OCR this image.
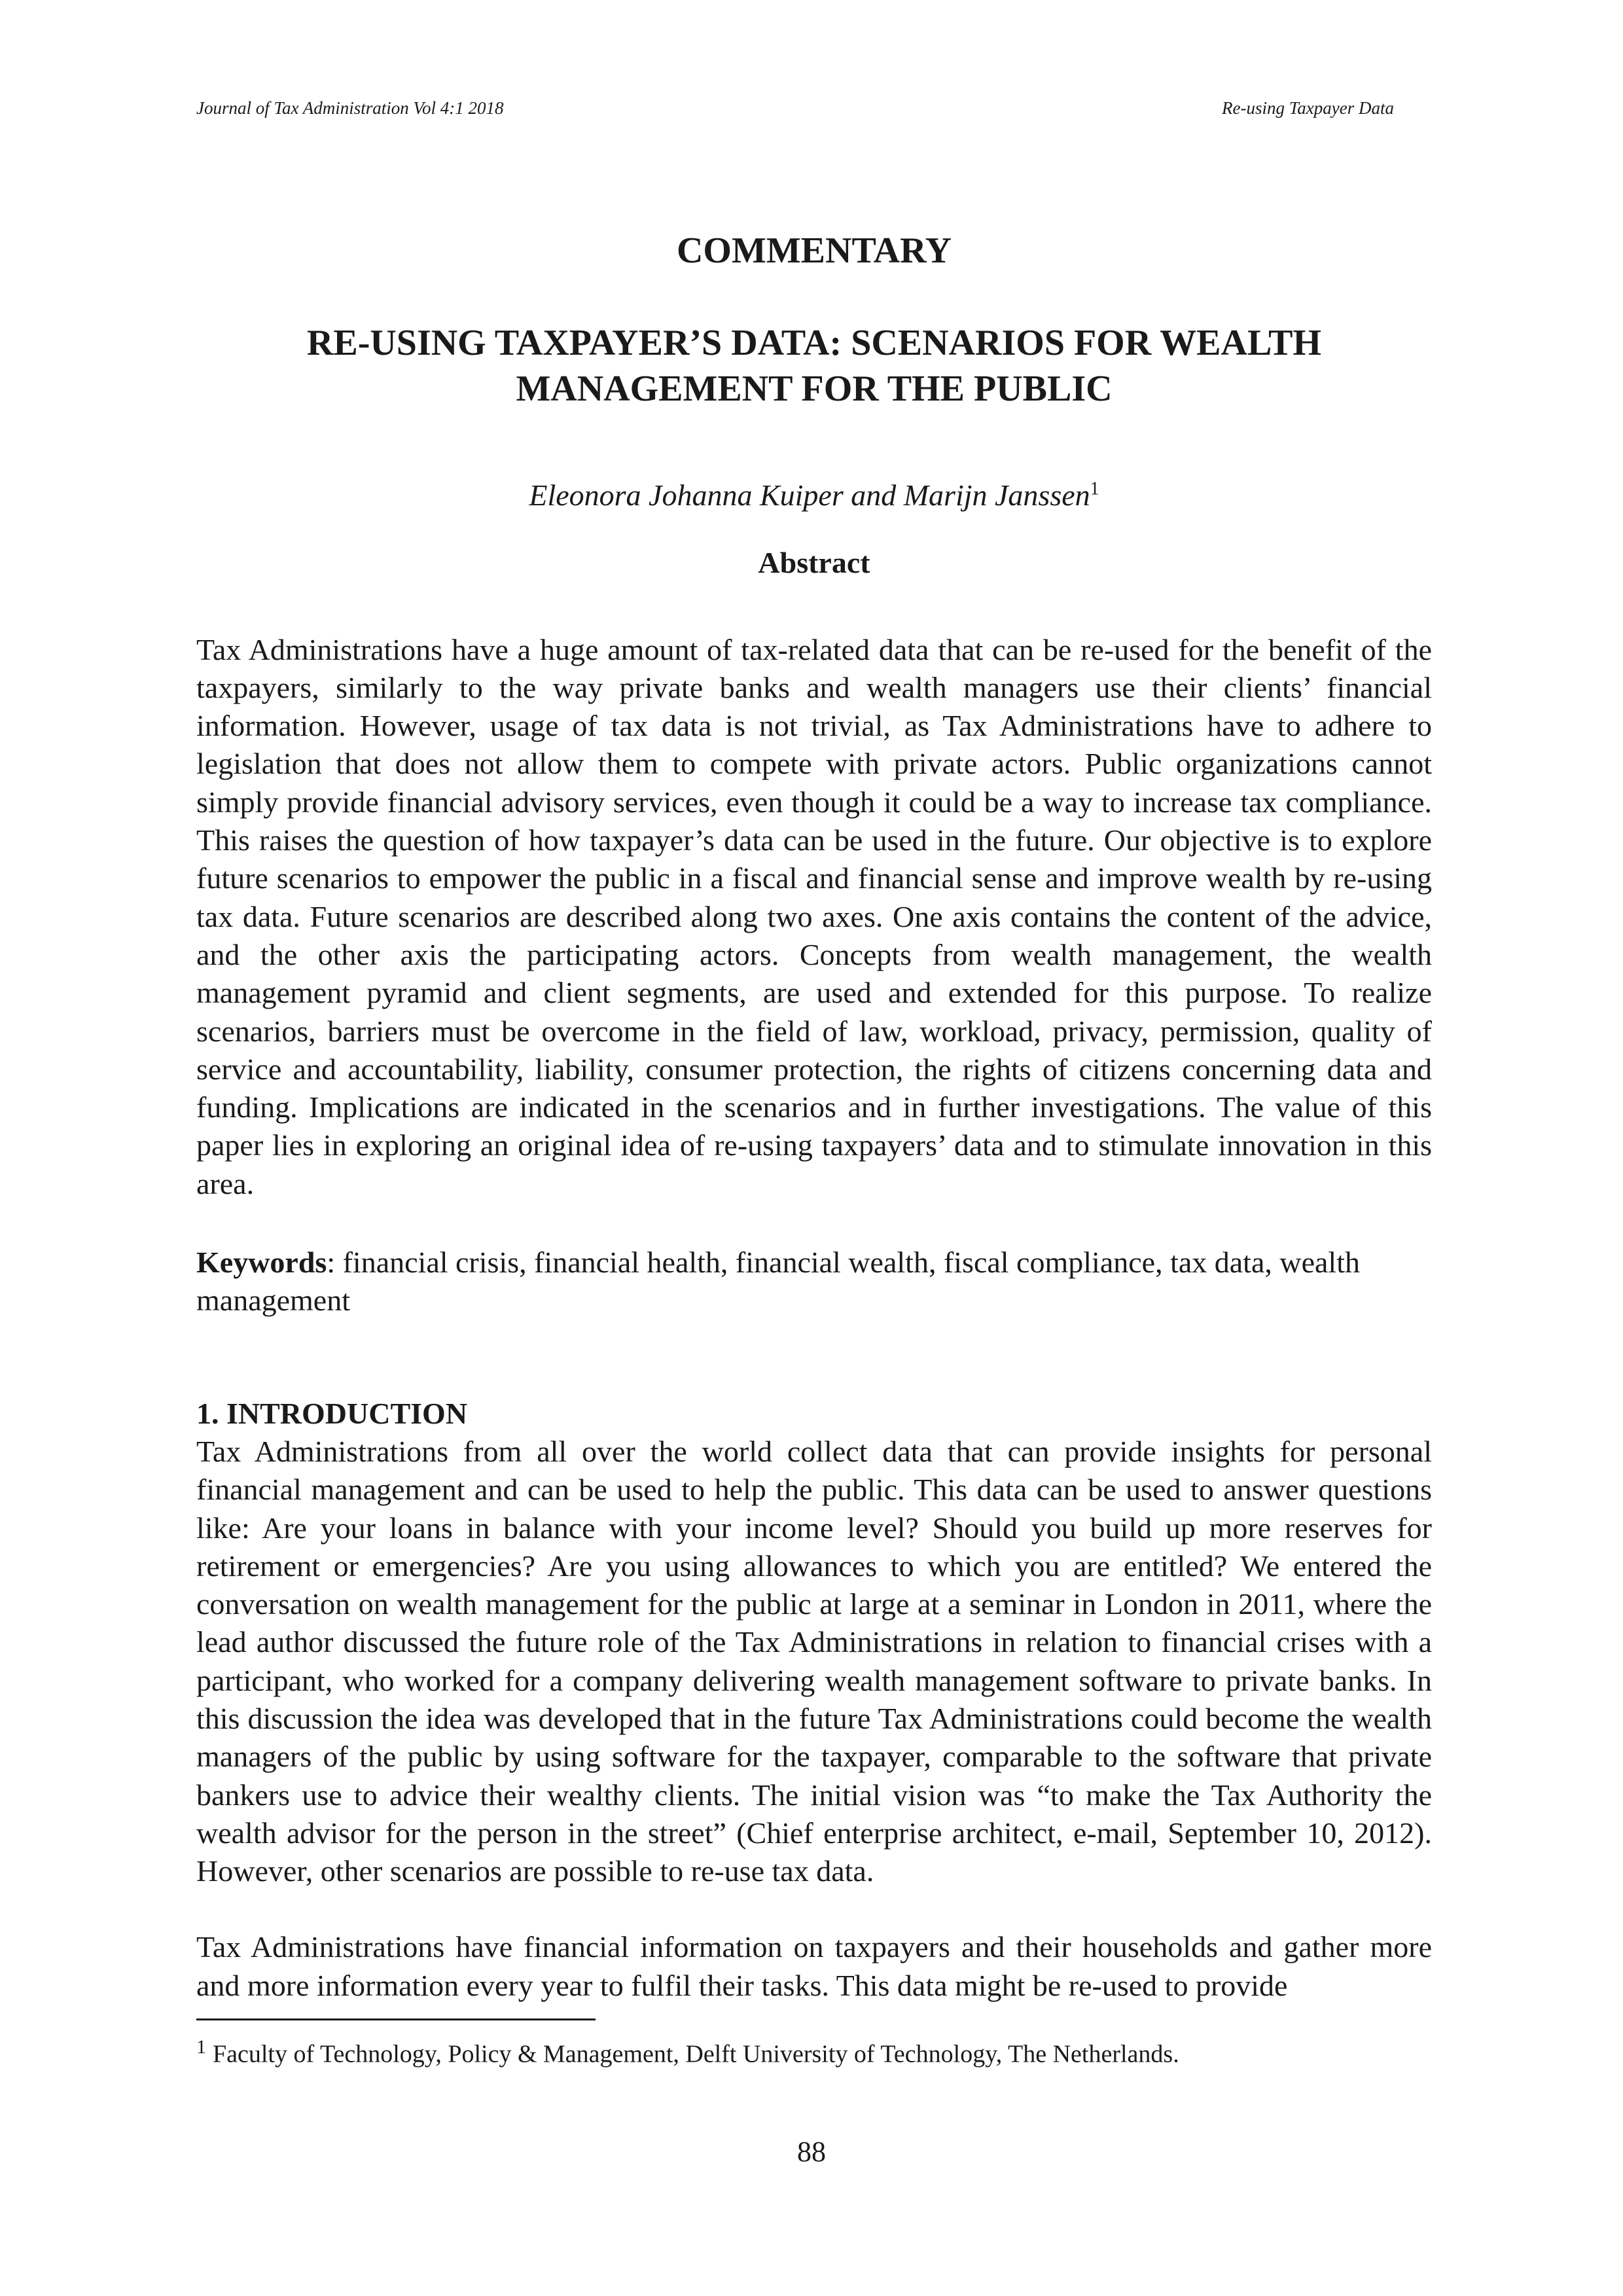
Journal of Tax Administration Vol 4:1 2018	Re-using Taxpayer Data
COMMENTARY
RE-USING TAXPAYER’S DATA: SCENARIOS FOR WEALTH MANAGEMENT FOR THE PUBLIC
Eleonora Johanna Kuiper and Marijn Janssen$^1$
Abstract

Tax Administrations have a huge amount of tax-related data that can be re-used for the benefit of the taxpayers, similarly to the way private banks and wealth managers use their clients’ financial information. However, usage of tax data is not trivial, as Tax Administrations have to adhere to legislation that does not allow them to compete with private actors. Public organizations cannot simply provide financial advisory services, even though it could be a way to increase tax compliance. This raises the question of how taxpayer’s data can be used in the future. Our objective is to explore future scenarios to empower the public in a fiscal and financial sense and improve wealth by re-using tax data. Future scenarios are described along two axes. One axis contains the content of the advice, and the other axis the participating actors. Concepts from wealth management, the wealth management pyramid and client segments, are used and extended for this purpose. To realize scenarios, barriers must be overcome in the field of law, workload, privacy, permission, quality of service and accountability, liability, consumer protection, the rights of citizens concerning data and funding. Implications are indicated in the scenarios and in further investigations. The value of this paper lies in exploring an original idea of re-using taxpayers’ data and to stimulate innovation in this area.

Keywords: financial crisis, financial health, financial wealth, fiscal compliance, tax data, wealth management

1. INTRODUCTION

Tax Administrations from all over the world collect data that can provide insights for personal financial management and can be used to help the public. This data can be used to answer questions like: Are your loans in balance with your income level? Should you build up more reserves for retirement or emergencies? Are you using allowances to which you are entitled? We entered the conversation on wealth management for the public at large at a seminar in London in 2011, where the lead author discussed the future role of the Tax Administrations in relation to financial crises with a participant, who worked for a company delivering wealth management software to private banks. In this discussion the idea was developed that in the future Tax Administrations could become the wealth managers of the public by using software for the taxpayer, comparable to the software that private bankers use to advice their wealthy clients. The initial vision was “to make the Tax Authority the wealth advisor for the person in the street” (Chief enterprise architect, e-mail, September 10, 2012). However, other scenarios are possible to re-use tax data.

Tax Administrations have financial information on taxpayers and their households and gather more and more information every year to fulfil their tasks. This data might be re-used to provide

$^1$ Faculty of Technology, Policy & Management, Delft University of Technology, The Netherlands.
88
